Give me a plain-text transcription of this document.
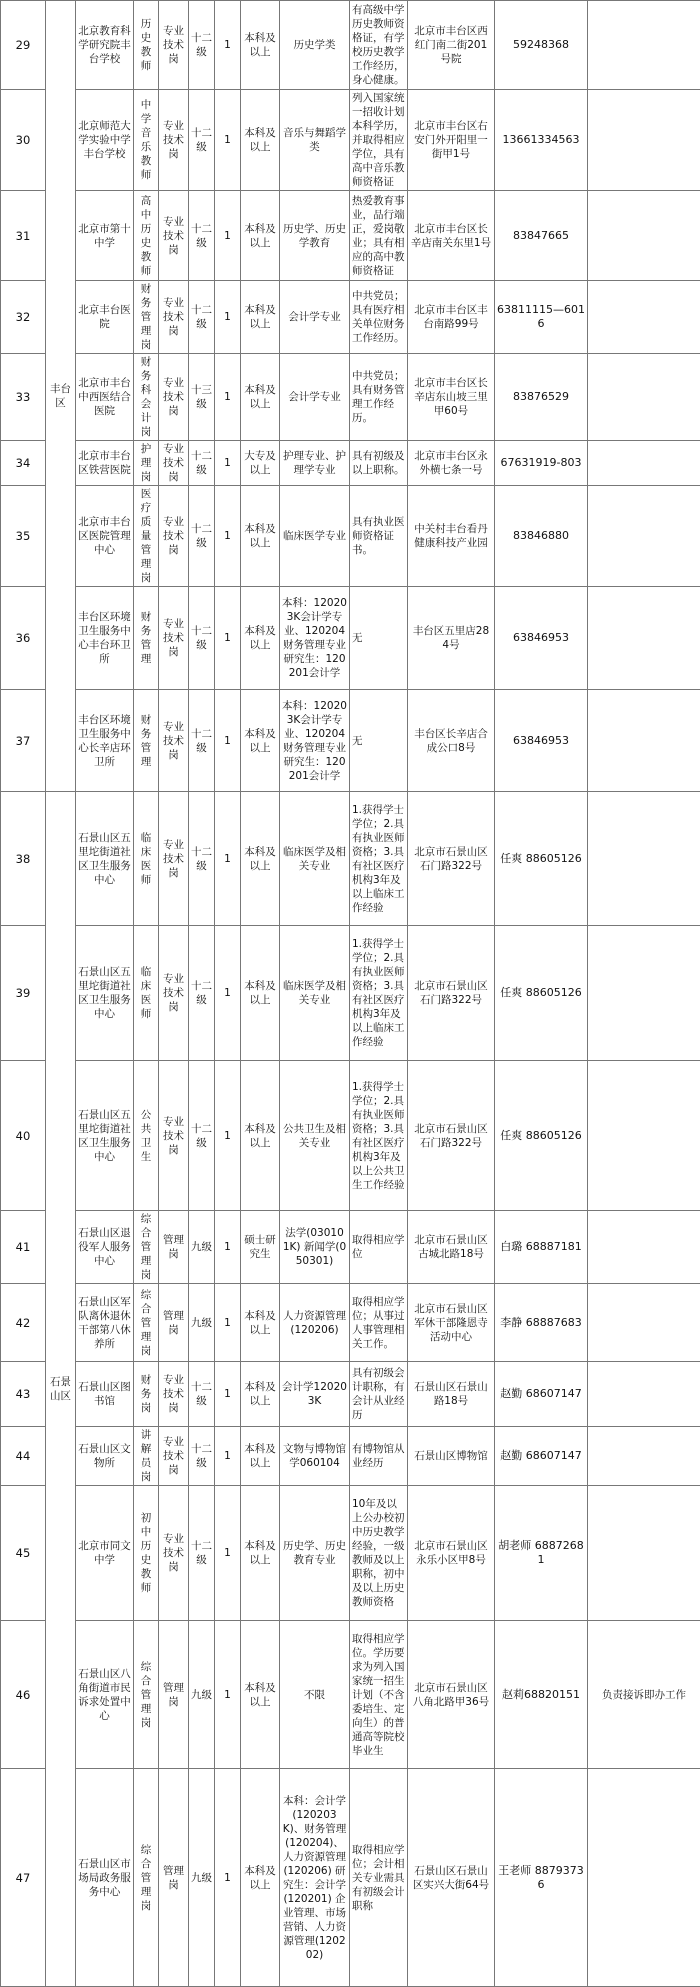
29	丰台区	北京教育科学研究院丰台学校	历史教师	专业技术岗	十二级	1	本科及以上	历史学类	有高级中学历史教师资格证，有学校历史教学工作经历，身心健康。	北京市丰台区西红门南二街201号院	59248368	
30		北京师范大学实验中学丰台学校	中学音乐教师	专业技术岗	十二级	1	本科及以上	音乐与舞蹈学类	列入国家统一招收计划本科学历，并取得相应学位，具有高中音乐教师资格证	北京市丰台区右安门外开阳里一街甲1号	13661334563	
31		北京市第十中学	高中历史教师	专业技术岗	十二级	1	本科及以上	历史学、历史学教育	热爱教育事业，品行端正，爱岗敬业；具有相应的高中教师资格证	北京市丰台区长辛店南关东里1号	83847665	
32		北京丰台医院	财务管理岗	专业技术岗	十二级	1	本科及以上	会计学专业	中共党员；具有医疗相关单位财务工作经历。	北京市丰台区丰台南路99号	63811115—6016	
33		北京市丰台中西医结合医院	财务科会计岗	专业技术岗	十三级	1	本科及以上	会计学专业	中共党员；具有财务管理工作经历。	北京市丰台区长辛店东山坡三里甲60号	83876529	
34		北京市丰台区铁营医院	护理岗	专业技术岗	十二级	1	大专及以上	护理专业、护理学专业	具有初级及以上职称。	北京市丰台区永外横七条一号	67631919-803	
35		北京市丰台区医院管理中心	医疗质量管理岗	专业技术岗	十二级	1	本科及以上	临床医学专业	具有执业医师资格证书。	中关村丰台看丹健康科技产业园	83846880	
36		丰台区环境卫生服务中心丰台环卫所	财务管理	专业技术岗	十二级	1	本科及以上	本科：120203K会计学专业、120204财务管理专业 研究生：120201会计学	无	丰台区五里店284号	63846953	
37		丰台区环境卫生服务中心长辛店环卫所	财务管理	专业技术岗	十二级	1	本科及以上	本科：120203K会计学专业、120204财务管理专业 研究生：120201会计学	无	丰台区长辛店合成公口8号	63846953	
38	石景山区	石景山区五里坨街道社区卫生服务中心	临床医师	专业技术岗	十二级	1	本科及以上	临床医学及相关专业	1.获得学士学位；2.具有执业医师资格；3.具有社区医疗机构3年及以上临床工作经验	北京市石景山区石门路322号	任爽 88605126	
39		石景山区五里坨街道社区卫生服务中心	临床医师	专业技术岗	十二级	1	本科及以上	临床医学及相关专业	1.获得学士学位；2.具有执业医师资格；3.具有社区医疗机构3年及以上临床工作经验	北京市石景山区石门路322号	任爽 88605126	
40		石景山区五里坨街道社区卫生服务中心	公共卫生	专业技术岗	十二级	1	本科及以上	公共卫生及相关专业	1.获得学士学位；2.具有执业医师资格；3.具有社区医疗机构3年及以上公共卫生工作经验	北京市石景山区石门路322号	任爽 88605126	
41		石景山区退役军人服务中心	综合管理岗	管理岗	九级	1	硕士研究生	法学(030101K) 新闻学(050301)	取得相应学位	北京市石景山区古城北路18号	白璐 68887181	
42		石景山区军队离休退休干部第八休养所	综合管理岗	管理岗	九级	1	本科及以上	人力资源管理(120206)	取得相应学位；从事过人事管理相关工作。	北京市石景山区军休干部隆恩寺活动中心	李静 68887683	
43		石景山区图书馆	财务岗	专业技术岗	十二级	1	本科及以上	会计学120203K	具有初级会计职称，有会计从业经历	石景山区石景山路18号	赵勤 68607147	
44		石景山区文物所	讲解员岗	专业技术岗	十二级	1	本科及以上	文物与博物馆学060104	有博物馆从业经历	石景山区博物馆	赵勤 68607147	
45		北京市同文中学	初中历史教师	专业技术岗	十二级	1	本科及以上	历史学、历史教育专业	10年及以上公办校初中历史教学经验，一级教师及以上职称，初中及以上历史教师资格	北京市石景山区永乐小区甲8号	胡老师 68872681	
46		石景山区八角街道市民诉求处置中心	综合管理岗	管理岗	九级	1	本科及以上	不限	取得相应学位。学历要求为列入国家统一招生计划（不含委培生、定向生）的普通高等院校毕业生	北京市石景山区八角北路甲36号	赵莉68820151	负责接诉即办工作
47		石景山区市场局政务服务中心	综合管理岗	管理岗	九级	1	本科及以上	本科：会计学(120203K)、财务管理(120204)、人力资源管理(120206) 研究生：会计学(120201) 企业管理、市场营销、人力资源管理(120202)	取得相应学位；会计相关专业需具有初级会计职称	石景山区石景山区实兴大街64号	王老师 88793736	
